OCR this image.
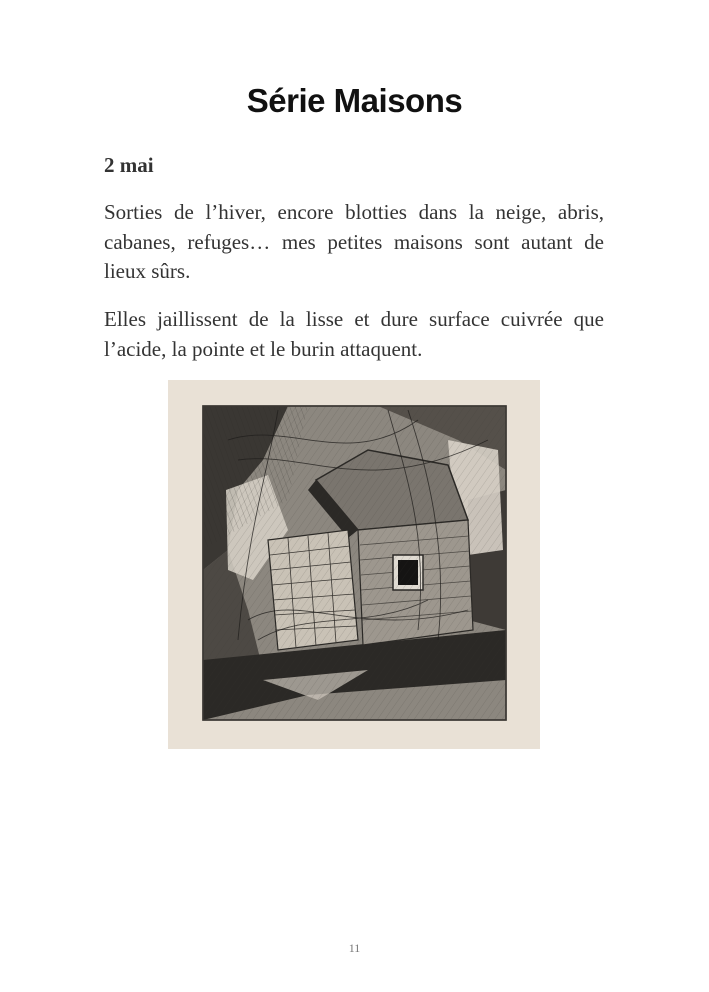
Série Maisons

2 mai

Sorties de l’hiver, encore blotties dans la neige, abris, cabanes, refuges… mes petites maisons sont autant de lieux sûrs.

Elles jaillissent de la lisse et dure surface cuivrée que l’acide, la pointe et le burin attaquent.

11
